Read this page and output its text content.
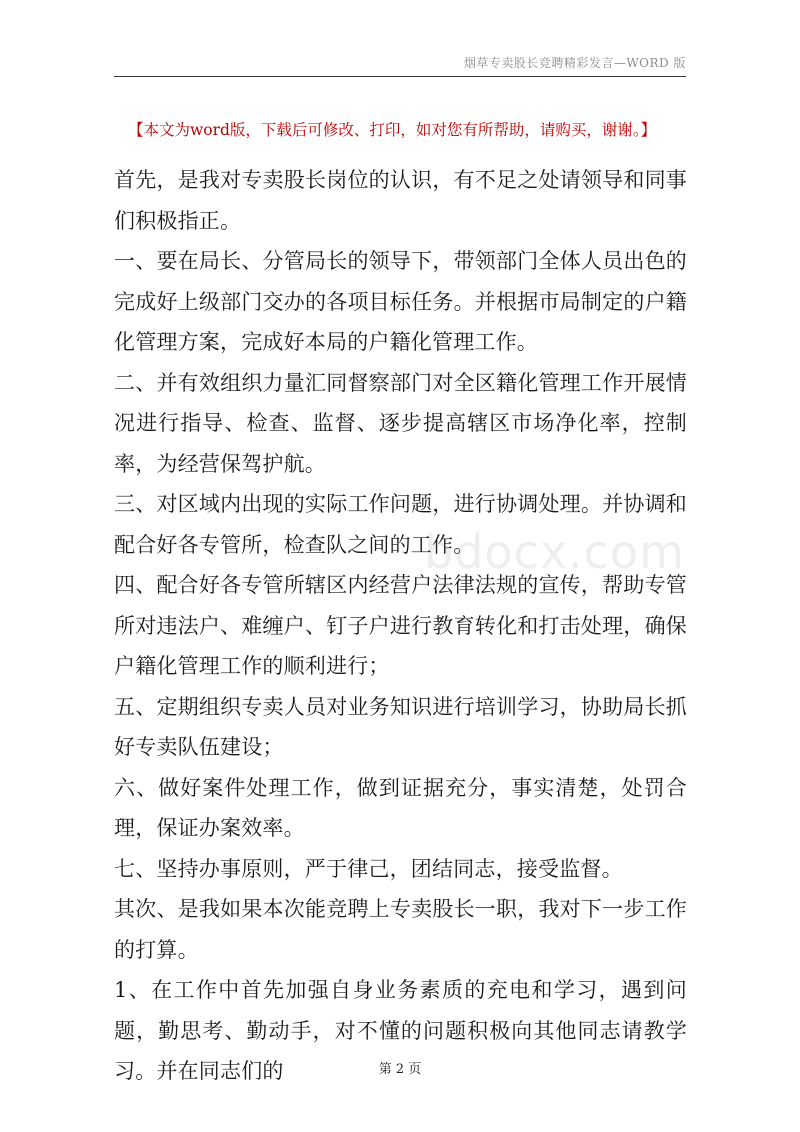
烟草专卖股长竞聘精彩发言—WORD 版
【本文为word版，下载后可修改、打印，如对您有所帮助，请购买，谢谢。】

首先，是我对专卖股长岗位的认识，有不足之处请领导和同事们积极指正。

一、要在局长、分管局长的领导下，带领部门全体人员出色的完成好上级部门交办的各项目标任务。并根据市局制定的户籍化管理方案，完成好本局的户籍化管理工作。

二、并有效组织力量汇同督察部门对全区籍化管理工作开展情况进行指导、检查、监督、逐步提高辖区市场净化率，控制率，为经营保驾护航。

三、对区域内出现的实际工作问题，进行协调处理。并协调和配合好各专管所，检查队之间的工作。

四、配合好各专管所辖区内经营户法律法规的宣传，帮助专管所对违法户、难缠户、钉子户进行教育转化和打击处理，确保户籍化管理工作的顺利进行；

五、定期组织专卖人员对业务知识进行培训学习，协助局长抓好专卖队伍建设；

六、做好案件处理工作，做到证据充分，事实清楚，处罚合理，保证办案效率。

七、坚持办事原则，严于律己，团结同志，接受监督。

其次、是我如果本次能竞聘上专卖股长一职，我对下一步工作的打算。

1、在工作中首先加强自身业务素质的充电和学习，遇到问题，勤思考、勤动手，对不懂的问题积极向其他同志请教学习。并在同志们的

bdocx.com
第 2 页
